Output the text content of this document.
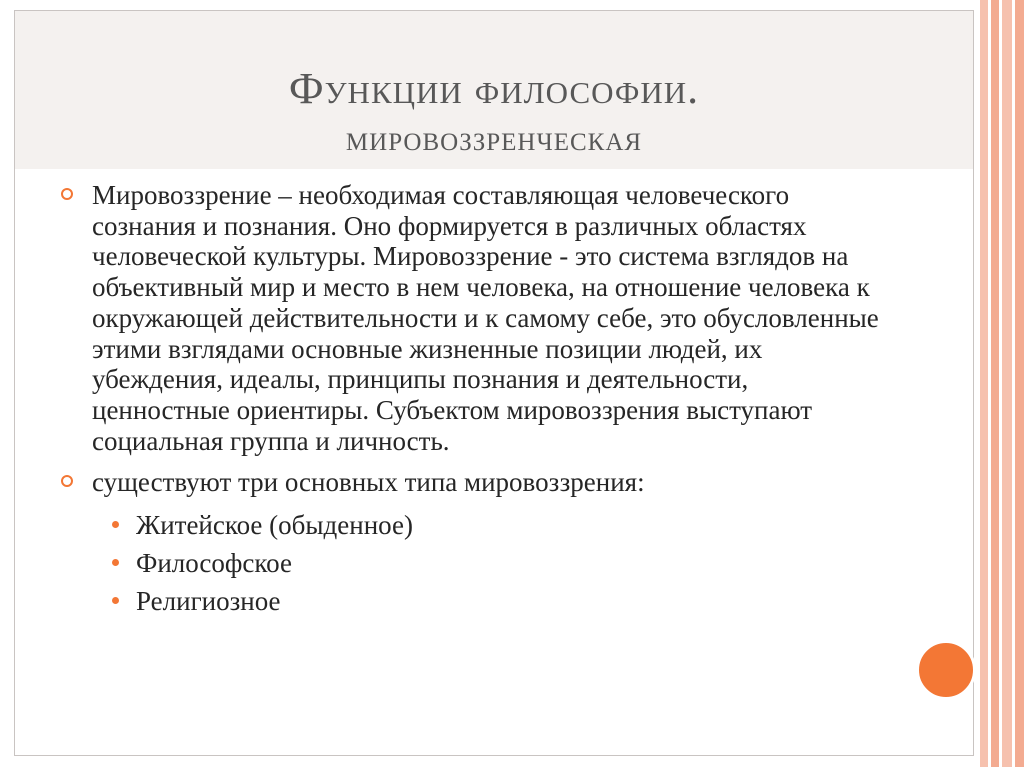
Функции философии.
мировоззренческая
Мировоззрение – необходимая составляющая человеческого сознания и познания. Оно формируется в различных областях человеческой культуры. Мировоззрение - это система взглядов на объективный мир и место в нем человека, на отношение человека к окружающей действительности и к самому себе, это обусловленные этими взглядами основные жизненные позиции людей, их убеждения, идеалы, принципы познания и деятельности, ценностные ориентиры. Субъектом мировоззрения выступают социальная группа и личность.
существуют три основных типа мировоззрения:
Житейское (обыденное)
Философское
Религиозное
